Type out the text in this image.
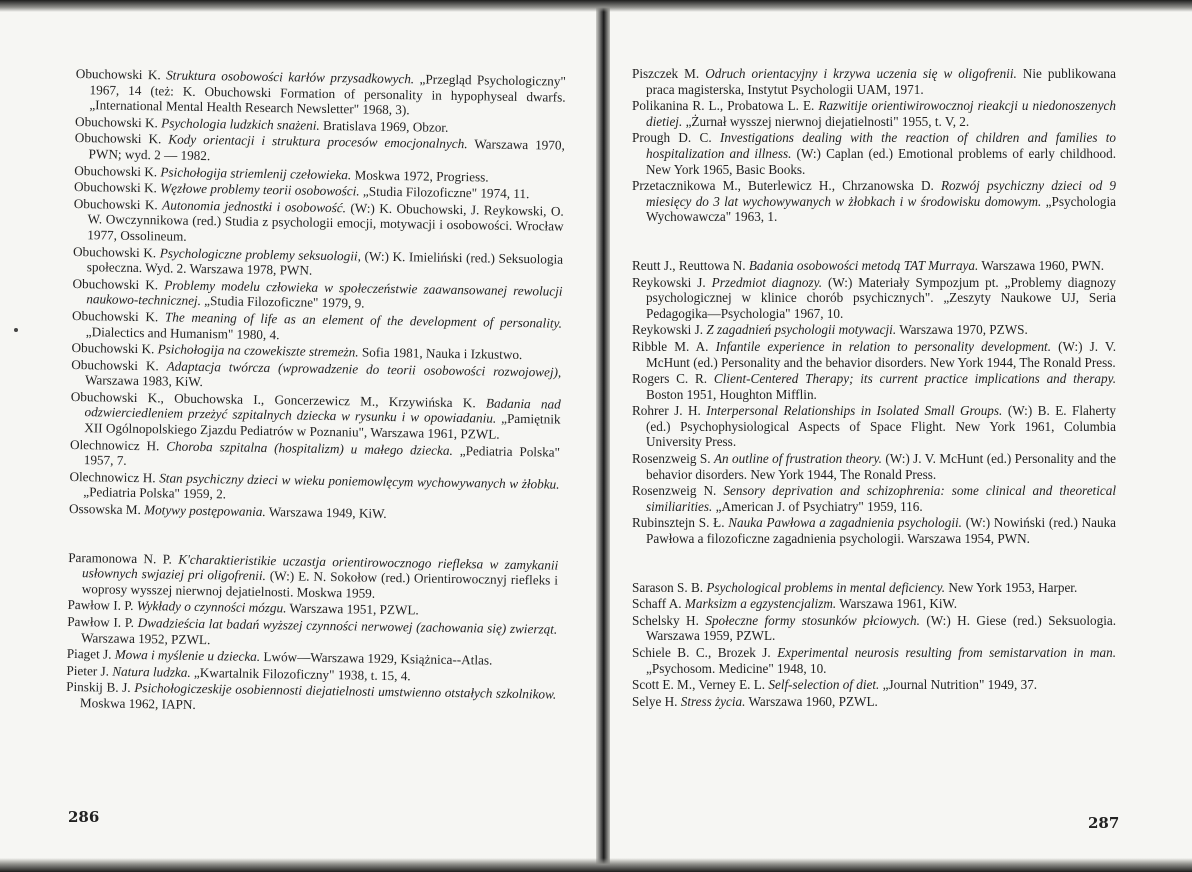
Obuchowski K. Struktura osobowości karłów przysadkowych. „Przegląd Psychologiczny" 1967, 14 (też: K. Obuchowski Formation of personality in hypophyseal dwarfs. „International Mental Health Research Newsletter" 1968, 3).

Obuchowski K. Psychologia ludzkich snażeni. Bratislava 1969, Obzor.

Obuchowski K. Kody orientacji i struktura procesów emocjonalnych. Warszawa 1970, PWN; wyd. 2 — 1982.

Obuchowski K. Psichołogija striemlenij czełowieka. Moskwa 1972, Progriess.

Obuchowski K. Węzłowe problemy teorii osobowości. „Studia Filozoficzne" 1974, 11.

Obuchowski K. Autonomia jednostki i osobowość. (W:) K. Obuchowski, J. Reykowski, O. W. Owczynnikowa (red.) Studia z psychologii emocji, motywacji i osobowości. Wrocław 1977, Ossolineum.

Obuchowski K. Psychologiczne problemy seksuologii, (W:) K. Imieliński (red.) Seksuologia społeczna. Wyd. 2. Warszawa 1978, PWN.

Obuchowski K. Problemy modelu człowieka w społeczeństwie zaawansowanej rewolucji naukowo-technicznej. „Studia Filozoficzne" 1979, 9.

Obuchowski K. The meaning of life as an element of the development of personality. „Dialectics and Humanism" 1980, 4.

Obuchowski K. Psichołogija na czowekiszte stremeżn. Sofia 1981, Nauka i Izkustwo.

Obuchowski K. Adaptacja twórcza (wprowadzenie do teorii osobowości rozwojowej), Warszawa 1983, KiW.

Obuchowski K., Obuchowska I., Goncerzewicz M., Krzywińska K. Badania nad odzwierciedleniem przeżyć szpitalnych dziecka w rysunku i w opowiadaniu. „Pamiętnik XII Ogólnopolskiego Zjazdu Pediatrów w Poznaniu", Warszawa 1961, PZWL.

Olechnowicz H. Choroba szpitalna (hospitalizm) u małego dziecka. „Pediatria Polska" 1957, 7.

Olechnowicz H. Stan psychiczny dzieci w wieku poniemowlęcym wychowywanych w żłobku. „Pediatria Polska" 1959, 2.

Ossowska M. Motywy postępowania. Warszawa 1949, KiW.

Paramonowa N. P. K'charaktieristikie uczastja orientirowocznogo riefleksa w zamykanii usłownych swjaziej pri oligofrenii. (W:) E. N. Sokołow (red.) Orientirowocznyj riefleks i woprosy wysszej nierwnoj dejatielnosti. Moskwa 1959.

Pawłow I. P. Wykłady o czynności mózgu. Warszawa 1951, PZWL.

Pawłow I. P. Dwadzieścia lat badań wyższej czynności nerwowej (zachowania się) zwierząt. Warszawa 1952, PZWL.

Piaget J. Mowa i myślenie u dziecka. Lwów—Warszawa 1929, Książnica--Atlas.

Pieter J. Natura ludzka. „Kwartalnik Filozoficzny" 1938, t. 15, 4.

Pinskij B. J. Psichołogiczeskije osobiennosti diejatielnosti umstwienno otstałych szkolnikow. Moskwa 1962, IAPN.

286	287

Piszczek M. Odruch orientacyjny i krzywa uczenia się w oligofrenii. Nie publikowana praca magisterska, Instytut Psychologii UAM, 1971.

Polikanina R. L., Probatowa L. E. Razwitije orientiwirowocznoj rieakcji u niedonoszenych dietiej. „Żurnał wysszej nierwnoj diejatielnosti" 1955, t. V, 2.

Prough D. C. Investigations dealing with the reaction of children and families to hospitalization and illness. (W:) Caplan (ed.) Emotional problems of early childhood. New York 1965, Basic Books.

Przetacznikowa M., Buterlewicz H., Chrzanowska D. Rozwój psychiczny dzieci od 9 miesięcy do 3 lat wychowywanych w żłobkach i w środowisku domowym. „Psychologia Wychowawcza" 1963, 1.

Reutt J., Reuttowa N. Badania osobowości metodą TAT Murraya. Warszawa 1960, PWN.

Reykowski J. Przedmiot diagnozy. (W:) Materiały Sympozjum pt. „Problemy diagnozy psychologicznej w klinice chorób psychicznych". „Zeszyty Naukowe UJ, Seria Pedagogika—Psychologia" 1967, 10.

Reykowski J. Z zagadnień psychologii motywacji. Warszawa 1970, PZWS.

Ribble M. A. Infantile experience in relation to personality development. (W:) J. V. McHunt (ed.) Personality and the behavior disorders. New York 1944, The Ronald Press.

Rogers C. R. Client-Centered Therapy; its current practice implications and therapy. Boston 1951, Houghton Mifflin.

Rohrer J. H. Interpersonal Relationships in Isolated Small Groups. (W:) B. E. Flaherty (ed.) Psychophysiological Aspects of Space Flight. New York 1961, Columbia University Press.

Rosenzweig S. An outline of frustration theory. (W:) J. V. McHunt (ed.) Personality and the behavior disorders. New York 1944, The Ronald Press.

Rosenzweig N. Sensory deprivation and schizophrenia: some clinical and theoretical similiarities. „American J. of Psychiatry" 1959, 116.

Rubinsztejn S. Ł. Nauka Pawłowa a zagadnienia psychologii. (W:) Nowiński (red.) Nauka Pawłowa a filozoficzne zagadnienia psychologii. Warszawa 1954, PWN.

Sarason S. B. Psychological problems in mental deficiency. New York 1953, Harper.

Schaff A. Marksizm a egzystencjalizm. Warszawa 1961, KiW.

Schelsky H. Społeczne formy stosunków płciowych. (W:) H. Giese (red.) Seksuologia. Warszawa 1959, PZWL.

Schiele B. C., Brozek J. Experimental neurosis resulting from semistarvation in man. „Psychosom. Medicine" 1948, 10.

Scott E. M., Verney E. L. Self-selection of diet. „Journal Nutrition" 1949, 37.

Selye H. Stress życia. Warszawa 1960, PZWL.
